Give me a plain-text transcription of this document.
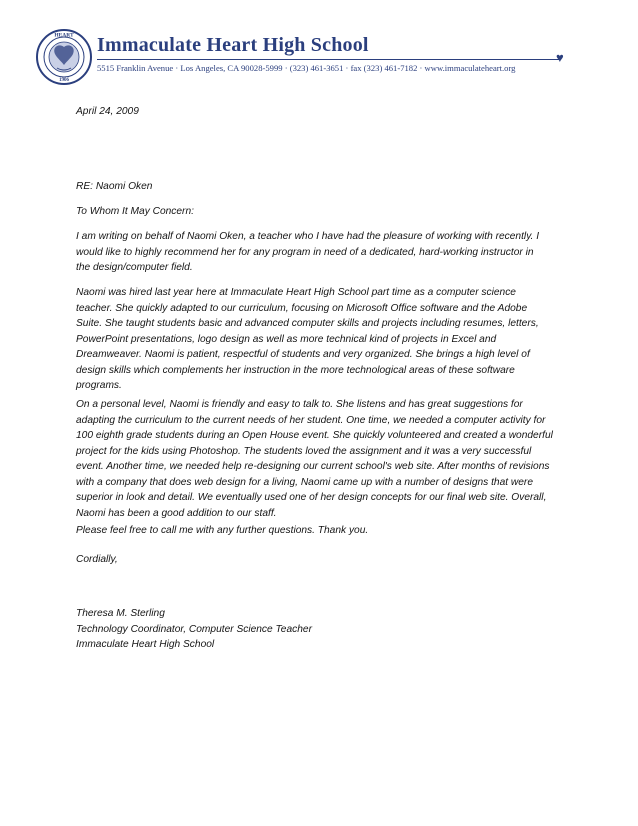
HEART
1906
Immaculate Heart High School
♥
5515 Franklin Avenue · Los Angeles, CA 90028-5999 · (323) 461-3651 · fax (323) 461-7182 · www.immaculateheart.org

April 24, 2009

RE: Naomi Oken

To Whom It May Concern:

I am writing on behalf of Naomi Oken, a teacher who I have had the pleasure of working with recently. I
would like to highly recommend her for any program in need of a dedicated, hard-working instructor in
the design/computer field.

Naomi was hired last year here at Immaculate Heart High School part time as a computer science
teacher. She quickly adapted to our curriculum, focusing on Microsoft Office software and the Adobe
Suite. She taught students basic and advanced computer skills and projects including resumes, letters,
PowerPoint presentations, logo design as well as more technical kind of projects in Excel and
Dreamweaver. Naomi is patient, respectful of students and very organized. She brings a high level of
design skills which complements her instruction in the more technological areas of these software
programs.

On a personal level, Naomi is friendly and easy to talk to. She listens and has great suggestions for
adapting the curriculum to the current needs of her student. One time, we needed a computer activity for
100 eighth grade students during an Open House event. She quickly volunteered and created a wonderful
project for the kids using Photoshop. The students loved the assignment and it was a very successful
event. Another time, we needed help re-designing our current school's web site. After months of revisions
with a company that does web design for a living, Naomi came up with a number of designs that were
superior in look and detail. We eventually used one of her design concepts for our final web site. Overall,
Naomi has been a good addition to our staff.

Please feel free to call me with any further questions. Thank you.

Cordially,

Theresa M. Sterling
Technology Coordinator, Computer Science Teacher
Immaculate Heart High School
